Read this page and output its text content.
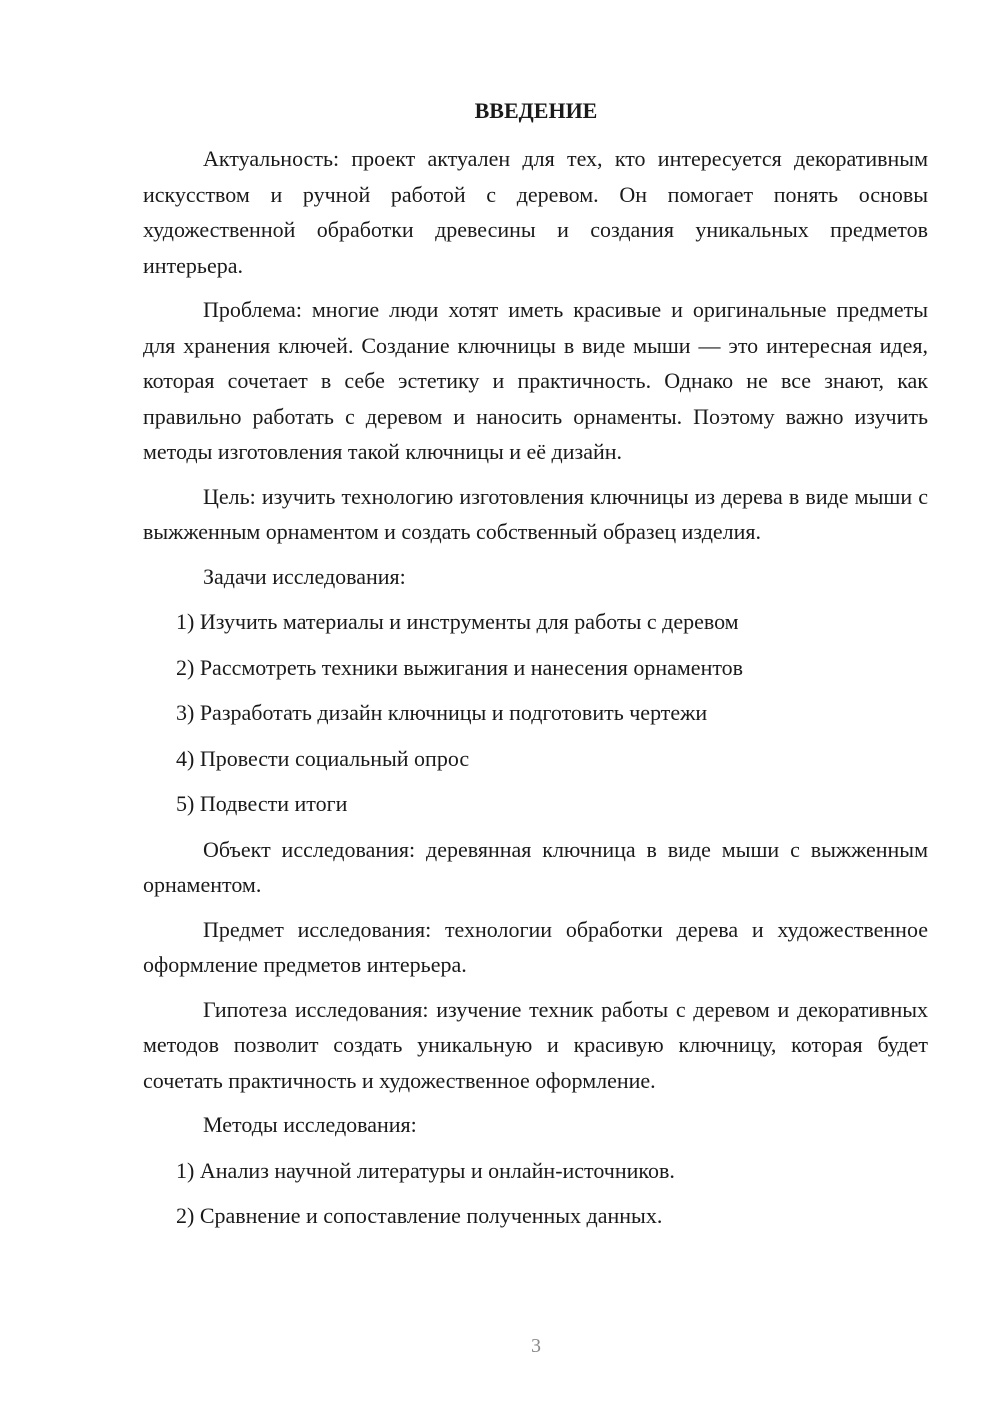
ВВЕДЕНИЕ

Актуальность: проект актуален для тех, кто интересуется декоративным искусством и ручной работой с деревом. Он помогает понять основы художественной обработки древесины и создания уникальных предметов интерьера.

Проблема: многие люди хотят иметь красивые и оригинальные предметы для хранения ключей. Создание ключницы в виде мыши — это интересная идея, которая сочетает в себе эстетику и практичность. Однако не все знают, как правильно работать с деревом и наносить орнаменты. Поэтому важно изучить методы изготовления такой ключницы и её дизайн.

Цель: изучить технологию изготовления ключницы из дерева в виде мыши с выжженным орнаментом и создать собственный образец изделия.

Задачи исследования:

1) Изучить материалы и инструменты для работы с деревом
2) Рассмотреть техники выжигания и нанесения орнаментов
3) Разработать дизайн ключницы и подготовить чертежи
4) Провести социальный опрос
5) Подвести итоги

Объект исследования: деревянная ключница в виде мыши с выжженным орнаментом.

Предмет исследования: технологии обработки дерева и художественное оформление предметов интерьера.

Гипотеза исследования: изучение техник работы с деревом и декоративных методов позволит создать уникальную и красивую ключницу, которая будет сочетать практичность и художественное оформление.

Методы исследования:

1) Анализ научной литературы и онлайн-источников.
2) Сравнение и сопоставление полученных данных.

3
